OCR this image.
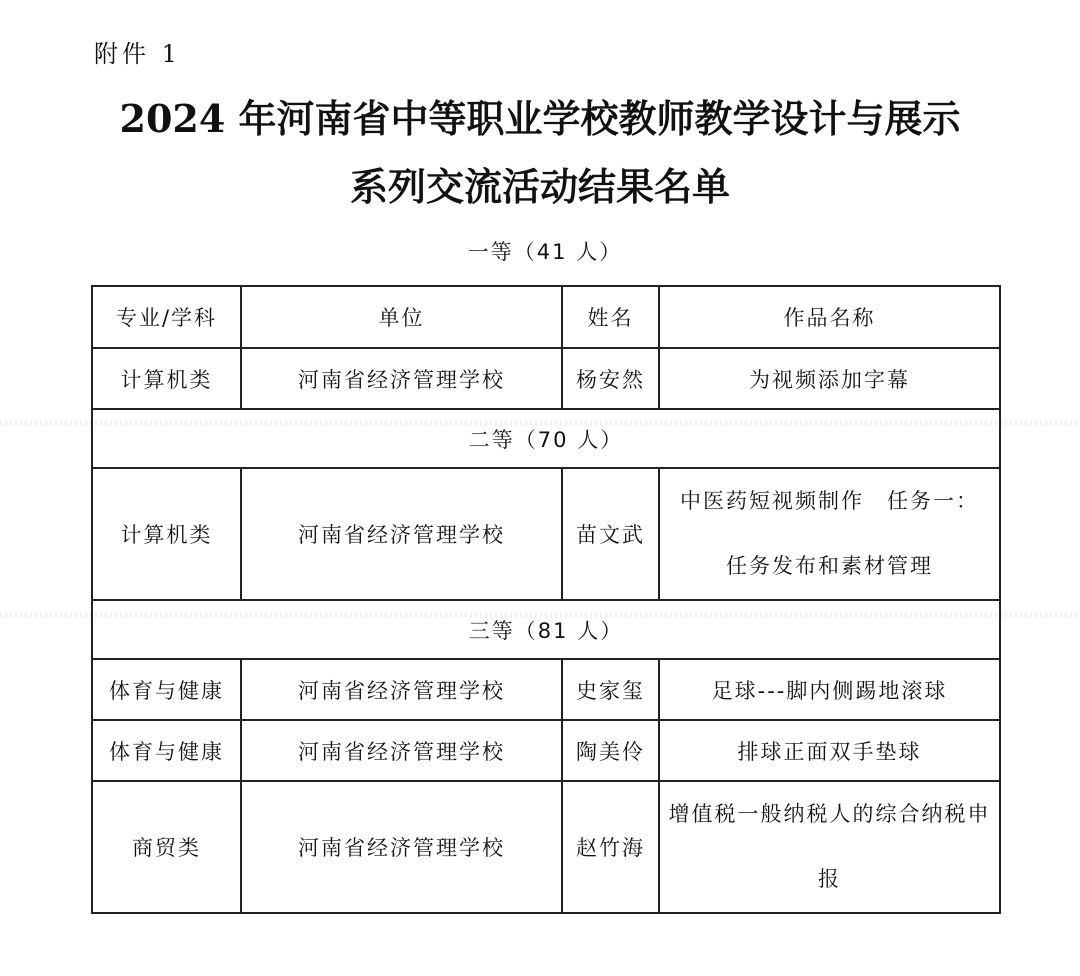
附件 1
2024 年河南省中等职业学校教师教学设计与展示
系列交流活动结果名单
一等（41 人）
专业/学科	单位	姓名	作品名称
计算机类	河南省经济管理学校	杨安然	为视频添加字幕
二等（70 人）			
计算机类	河南省经济管理学校	苗文武	中医药短视频制作　任务一：
任务发布和素材管理

三等（81 人）			
体育与健康	河南省经济管理学校	史家玺	足球---脚内侧踢地滚球
体育与健康	河南省经济管理学校	陶美伶	排球正面双手垫球
商贸类	河南省经济管理学校	赵竹海	增值税一般纳税人的综合纳税申
报
